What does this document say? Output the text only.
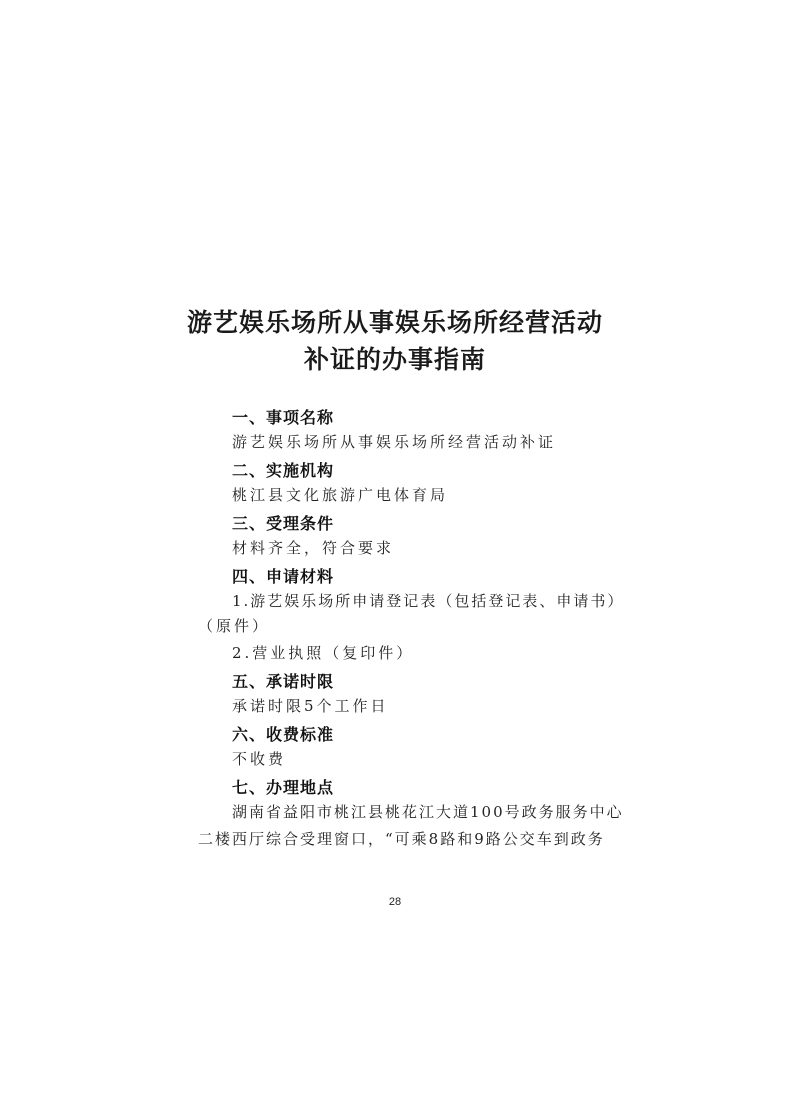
游艺娱乐场所从事娱乐场所经营活动
补证的办事指南

一、事项名称

游艺娱乐场所从事娱乐场所经营活动补证

二、实施机构

桃江县文化旅游广电体育局

三、受理条件

材料齐全，符合要求

四、申请材料

1.游艺娱乐场所申请登记表（包括登记表、申请书）

（原件）

2.营业执照（复印件）

五、承诺时限

承诺时限5个工作日

六、收费标准

不收费

七、办理地点

湖南省益阳市桃江县桃花江大道100号政务服务中心

二楼西厅综合受理窗口，“可乘8路和9路公交车到政务

28
